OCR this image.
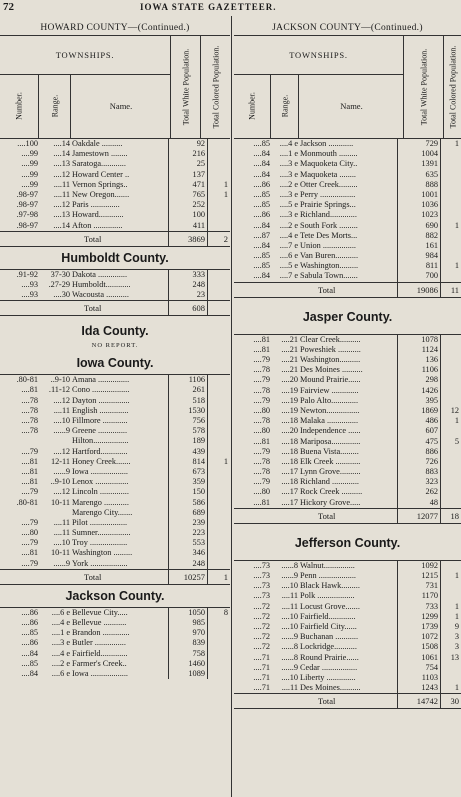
72	IOWA STATE GAZETTEER.
HOWARD COUNTY—(Continued.)
TOWNSHIPS.	Total White Population.	Total Colored Population.
Number.	Range.	Name.
....100	....14 Oakdale ..........	92
....99	....14 Jamestown ........	216
....99	....13 Saratoga............	25
....99	....12 Howard Center ..	137
....99	....11 Vernon Springs..	471	1
.98-97	....11 New Oregon.......	765	1
.98-97	....12 Paris ..............	252
.97-98	....13 Howard............	100
.98-97	....14 Afton ..............	411
Total	3869	2
Humboldt County.
.91-92	37-30 Dakota ..............	333
....93	.27-29 Humboldt............	248
....93	....30 Wacousta ...........	23
Total	608
Ida County.
NO REPORT.
Iowa County.
.80-81	..9-10 Amana ...............	1106
....81	.11-12 Cono ..................	261
....78	....12 Dayton ...............	518
....78	....11 English ..............	1530
....78	....10 Fillmore ............	756
....78	......9 Greene ..............	578
Hilton.................	189
....79	....12 Hartford.............	439
....81	12-11 Honey Creek.......	814	1
....81	......9 Iowa ..................	673
....81	..9-10 Lenox ................	359
....79	....12 Lincoln ..............	150
.80-81	10-11 Marengo ............	586
Marengo City.......	689
....79	....11 Pilot ..................	239
....80	....11 Sumner................	223
....79	....10 Troy ..................	553
....81	10-11 Washington .........	346
....79	......9 York ..................	248
Total	10257	1
Jackson County.
....86	....6 e Bellevue City.....	1050	8
....86	....4 e Bellevue ...........	985
....85	....1 e Brandon .............	970
....86	....3 e Butler ...............	839
....84	....4 e Fairfield.............	758
....85	....2 e Farmer's Creek..	1460
....84	....6 e Iowa ..................	1089
JACKSON COUNTY—(Continued.)
TOWNSHIPS.	Total White Population.	Total Colored Population.
Number.	Range.	Name.
....85	....4 e Jackson ............	729	1
....84	....1 e Monmouth .........	1004
....84	....3 e Maquoketa City..	1391
....84	....3 e Maquoketa ........	635
....86	....2 e Otter Creek.........	888
....85	....3 e Perry .................	1001
....85	....5 e Prairie Springs...	1036
....86	....3 e Richland.............	1023
....84	....2 e South Fork .........	690	1
....87	....4 e Tete Des Morts...	882
....84	....7 e Union ................	161
....85	....6 e Van Buren...........	984
....85	....5 e Washington.........	811	1
....84	....7 e Sabula Town.......	700
Total	19086	11
Jasper County.
....81	....21 Clear Creek..........	1078
....81	....21 Poweshiek ...........	1124
....79	....21 Washington..........	136
....78	....21 Des Moines ..........	1106
....79	....20 Mound Prairie......	298
....78	....19 Fairview .............	1426
....79	....19 Palo Alto.............	395
....80	....19 Newton................	1869	12
....78	....18 Malaka ...............	486	1
....80	....20 Independence ......	607
....81	....18 Mariposa..............	475	5
....79	....18 Buena Vista.........	886
....78	....18 Elk Creek ............	726
....78	....17 Lynn Grove..........	883
....79	....18 Richland .............	323
....80	....17 Rock Creek ..........	262
....81	....17 Hickory Grove.....	48
Total	12077	18
Jefferson County.
....73	......8 Walnut...............	1092
....73	......9 Penn ..................	1215	1
....73	....10 Black Hawk.........	731
....73	....11 Polk ..................	1170
....72	....11 Locust Grove.......	733	1
....72	....10 Fairfield.............	1299	1
....72	....10 Fairfield City......	1739	9
....72	......9 Buchanan ...........	1072	3
....72	......8 Lockridge...........	1508	3
....71	......8 Round Prairie......	1061	13
....71	......9 Cedar .................	754
....71	....10 Liberty ..............	1103
....71	....11 Des Moines..........	1243	1
Total	14742	30
